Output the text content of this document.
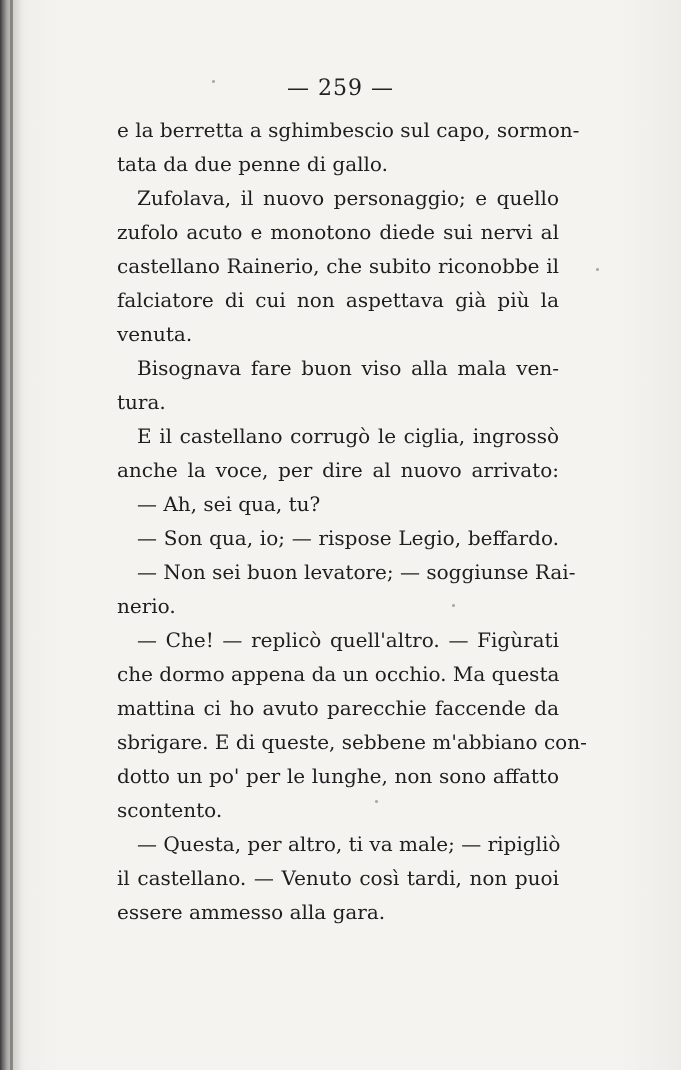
— 259 —
e la berretta a sghimbescio sul capo, sormon-
tata da due penne di gallo.
Zufolava, il nuovo personaggio; e quello
zufolo acuto e monotono diede sui nervi al
castellano Rainerio, che subito riconobbe il
falciatore di cui non aspettava già più la
venuta.
Bisognava fare buon viso alla mala ven-
tura.
E il castellano corrugò le ciglia, ingrossò
anche la voce, per dire al nuovo arrivato:
— Ah, sei qua, tu?
— Son qua, io; — rispose Legio, beffardo.
— Non sei buon levatore; — soggiunse Rai-
nerio.
— Che! — replicò quell'altro. — Figùrati
che dormo appena da un occhio. Ma questa
mattina ci ho avuto parecchie faccende da
sbrigare. E di queste, sebbene m'abbiano con-
dotto un po' per le lunghe, non sono affatto
scontento.
— Questa, per altro, ti va male; — ripigliò
il castellano. — Venuto così tardi, non puoi
essere ammesso alla gara.
